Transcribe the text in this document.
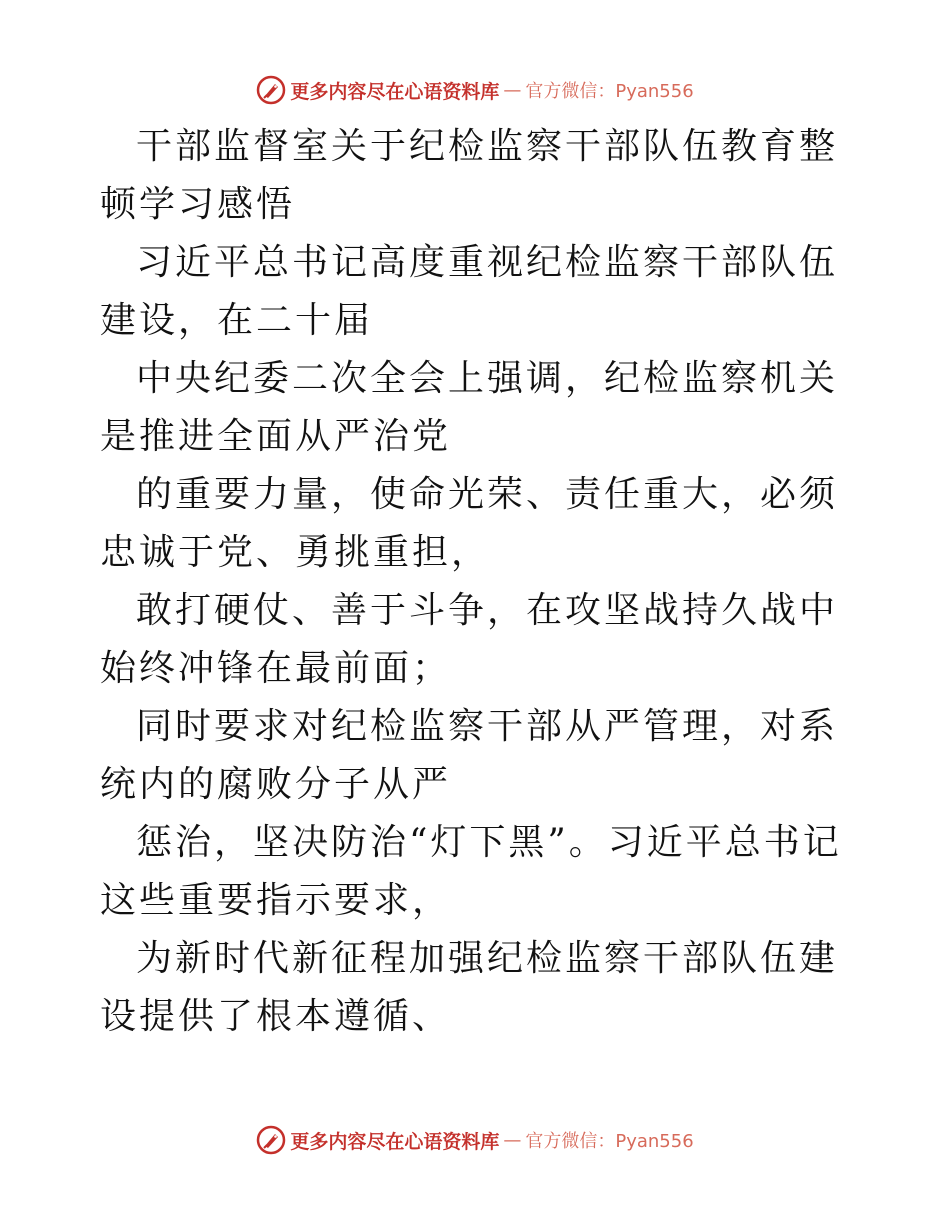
更多内容尽在心语资料库 — 官方微信：Pyan556

干部监督室关于纪检监察干部队伍教育整顿学习感悟

习近平总书记高度重视纪检监察干部队伍建设，在二十届

中央纪委二次全会上强调，纪检监察机关是推进全面从严治党

的重要力量，使命光荣、责任重大，必须忠诚于党、勇挑重担，

敢打硬仗、善于斗争，在攻坚战持久战中始终冲锋在最前面；

同时要求对纪检监察干部从严管理，对系统内的腐败分子从严

惩治，坚决防治“灯下黑”。习近平总书记这些重要指示要求，

为新时代新征程加强纪检监察干部队伍建设提供了根本遵循、

更多内容尽在心语资料库 — 官方微信：Pyan556
